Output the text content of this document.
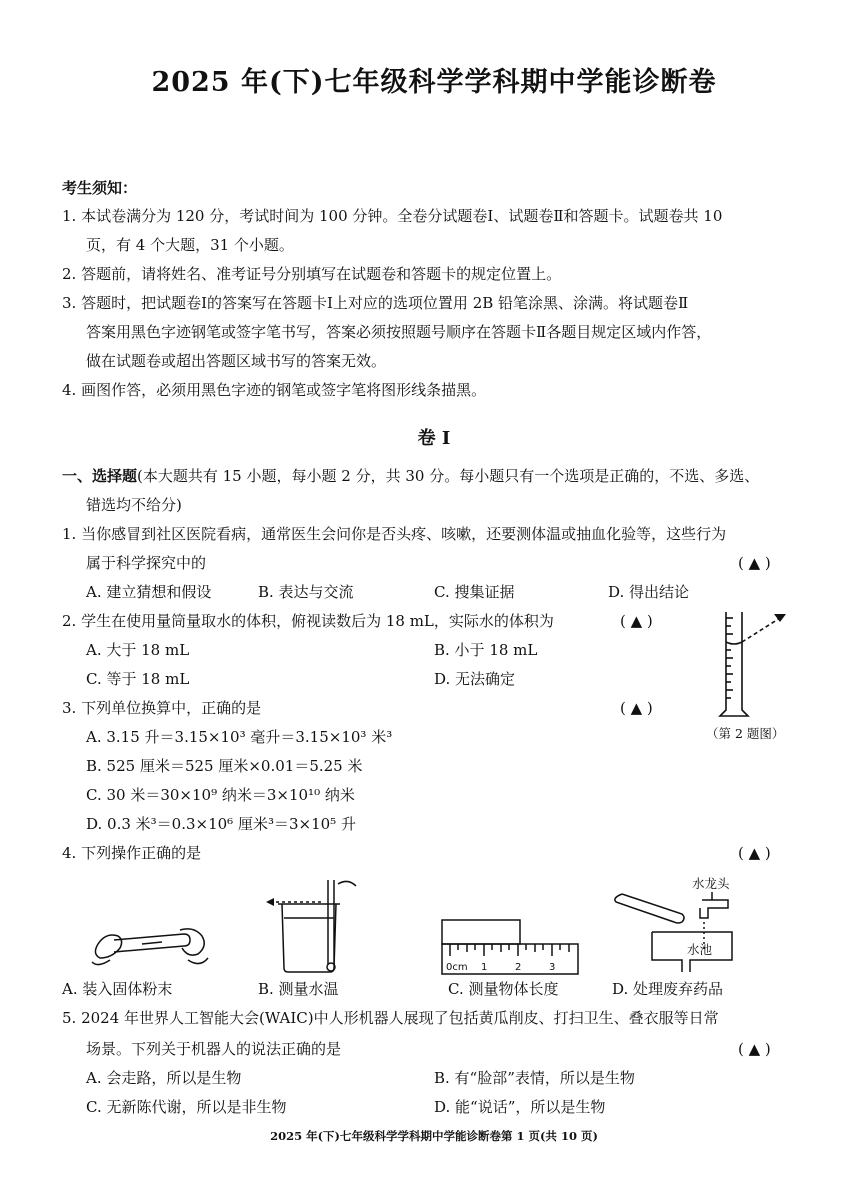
2025 年(下)七年级科学学科期中学能诊断卷
考生须知：
1. 本试卷满分为 120 分，考试时间为 100 分钟。全卷分试题卷Ⅰ、试题卷Ⅱ和答题卡。试题卷共 10
页，有 4 个大题，31 个小题。
2. 答题前，请将姓名、准考证号分别填写在试题卷和答题卡的规定位置上。
3. 答题时，把试题卷Ⅰ的答案写在答题卡Ⅰ上对应的选项位置用 2B 铅笔涂黑、涂满。将试题卷Ⅱ
答案用黑色字迹钢笔或签字笔书写，答案必须按照题号顺序在答题卡Ⅱ各题目规定区域内作答，
做在试题卷或超出答题区域书写的答案无效。
4. 画图作答，必须用黑色字迹的钢笔或签字笔将图形线条描黑。
卷 Ⅰ
一、选择题(本大题共有 15 小题，每小题 2 分，共 30 分。每小题只有一个选项是正确的，不选、多选、
错选均不给分)
1. 当你感冒到社区医院看病，通常医生会问你是否头疼、咳嗽，还要测体温或抽血化验等，这些行为
属于科学探究中的	( ▲ )
A. 建立猜想和假设	B. 表达与交流	C. 搜集证据	D. 得出结论
2. 学生在使用量筒量取水的体积，俯视读数后为 18 mL，实际水的体积为	( ▲ )
A. 大于 18 mL	B. 小于 18 mL
C. 等于 18 mL	D. 无法确定
（第 2 题图）
3. 下列单位换算中，正确的是	( ▲ )
A. 3.15 升＝3.15×10³ 毫升＝3.15×10³ 米³
B. 525 厘米＝525 厘米×0.01＝5.25 米
C. 30 米＝30×10⁹ 纳米＝3×10¹⁰ 纳米
D. 0.3 米³＝0.3×10⁶ 厘米³＝3×10⁵ 升
4. 下列操作正确的是	( ▲ )
0cm 1	2	3
水龙头
水池
A. 装入固体粉末	B. 测量水温	C. 测量物体长度	D. 处理废弃药品
5. 2024 年世界人工智能大会(WAIC)中人形机器人展现了包括黄瓜削皮、打扫卫生、叠衣服等日常
场景。下列关于机器人的说法正确的是	( ▲ )
A. 会走路，所以是生物	B. 有“脸部”表情，所以是生物
C. 无新陈代谢，所以是非生物	D. 能“说话”，所以是生物
2025 年(下)七年级科学学科期中学能诊断卷第 1 页(共 10 页)
